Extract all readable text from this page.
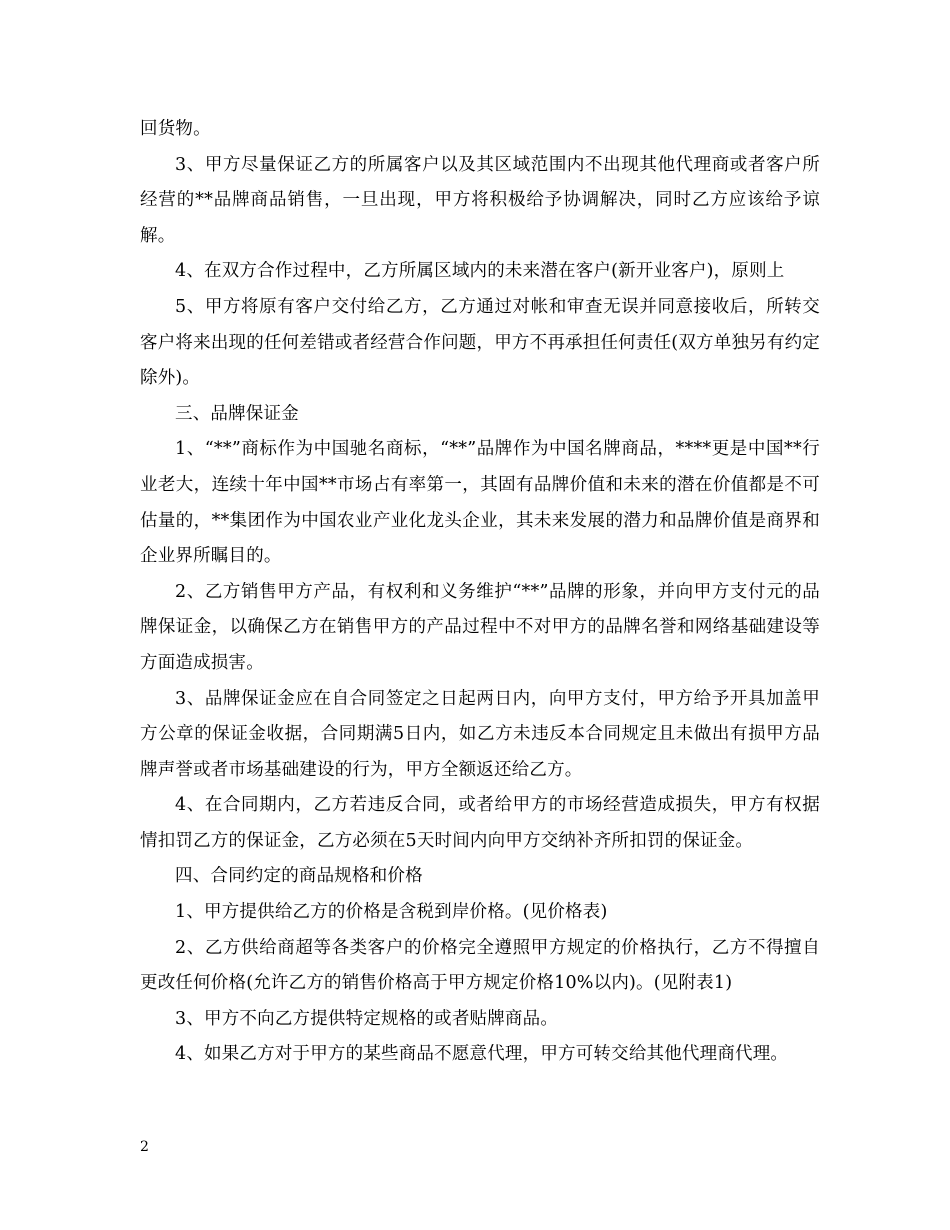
回货物。

3、甲方尽量保证乙方的所属客户以及其区域范围内不出现其他代理商或者客户所经营的**品牌商品销售，一旦出现，甲方将积极给予协调解决，同时乙方应该给予谅解。

4、在双方合作过程中，乙方所属区域内的未来潜在客户(新开业客户)，原则上

5、甲方将原有客户交付给乙方，乙方通过对帐和审查无误并同意接收后，所转交客户将来出现的任何差错或者经营合作问题，甲方不再承担任何责任(双方单独另有约定除外)。

三、品牌保证金

1、“**”商标作为中国驰名商标，“**”品牌作为中国名牌商品，****更是中国**行业老大，连续十年中国**市场占有率第一，其固有品牌价值和未来的潜在价值都是不可估量的，**集团作为中国农业产业化龙头企业，其未来发展的潜力和品牌价值是商界和企业界所瞩目的。

2、乙方销售甲方产品，有权利和义务维护“**”品牌的形象，并向甲方支付元的品牌保证金，以确保乙方在销售甲方的产品过程中不对甲方的品牌名誉和网络基础建设等方面造成损害。

3、品牌保证金应在自合同签定之日起两日内，向甲方支付，甲方给予开具加盖甲方公章的保证金收据，合同期满5日内，如乙方未违反本合同规定且未做出有损甲方品牌声誉或者市场基础建设的行为，甲方全额返还给乙方。

4、在合同期内，乙方若违反合同，或者给甲方的市场经营造成损失，甲方有权据情扣罚乙方的保证金，乙方必须在5天时间内向甲方交纳补齐所扣罚的保证金。

四、合同约定的商品规格和价格

1、甲方提供给乙方的价格是含税到岸价格。(见价格表)

2、乙方供给商超等各类客户的价格完全遵照甲方规定的价格执行，乙方不得擅自更改任何价格(允许乙方的销售价格高于甲方规定价格10%以内)。(见附表1)

3、甲方不向乙方提供特定规格的或者贴牌商品。

4、如果乙方对于甲方的某些商品不愿意代理，甲方可转交给其他代理商代理。

2
